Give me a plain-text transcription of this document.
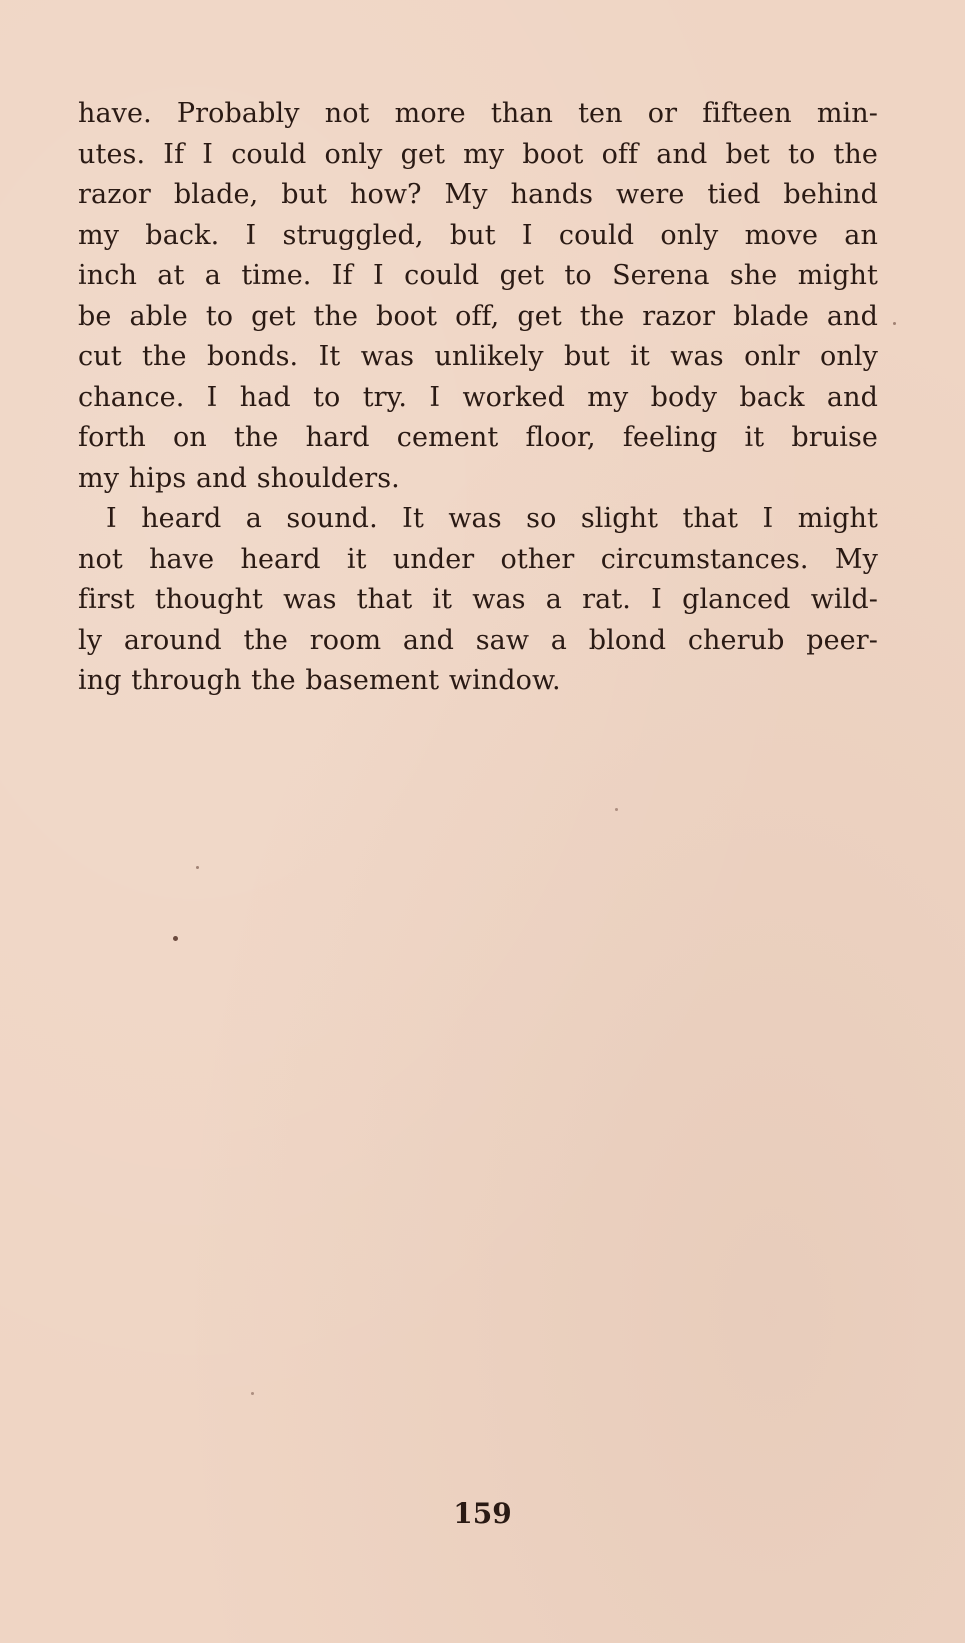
have. Probably not more than ten or fifteen min-
utes. If I could only get my boot off and bet to the
razor blade, but how? My hands were tied behind
my back. I struggled, but I could only move an
inch at a time. If I could get to Serena she might
be able to get the boot off, get the razor blade and
cut the bonds. It was unlikely but it was onlr only
chance. I had to try. I worked my body back and
forth on the hard cement floor, feeling it bruise
my hips and shoulders.
I heard a sound. It was so slight that I might
not have heard it under other circumstances. My
first thought was that it was a rat. I glanced wild-
ly around the room and saw a blond cherub peer-
ing through the basement window.
159
